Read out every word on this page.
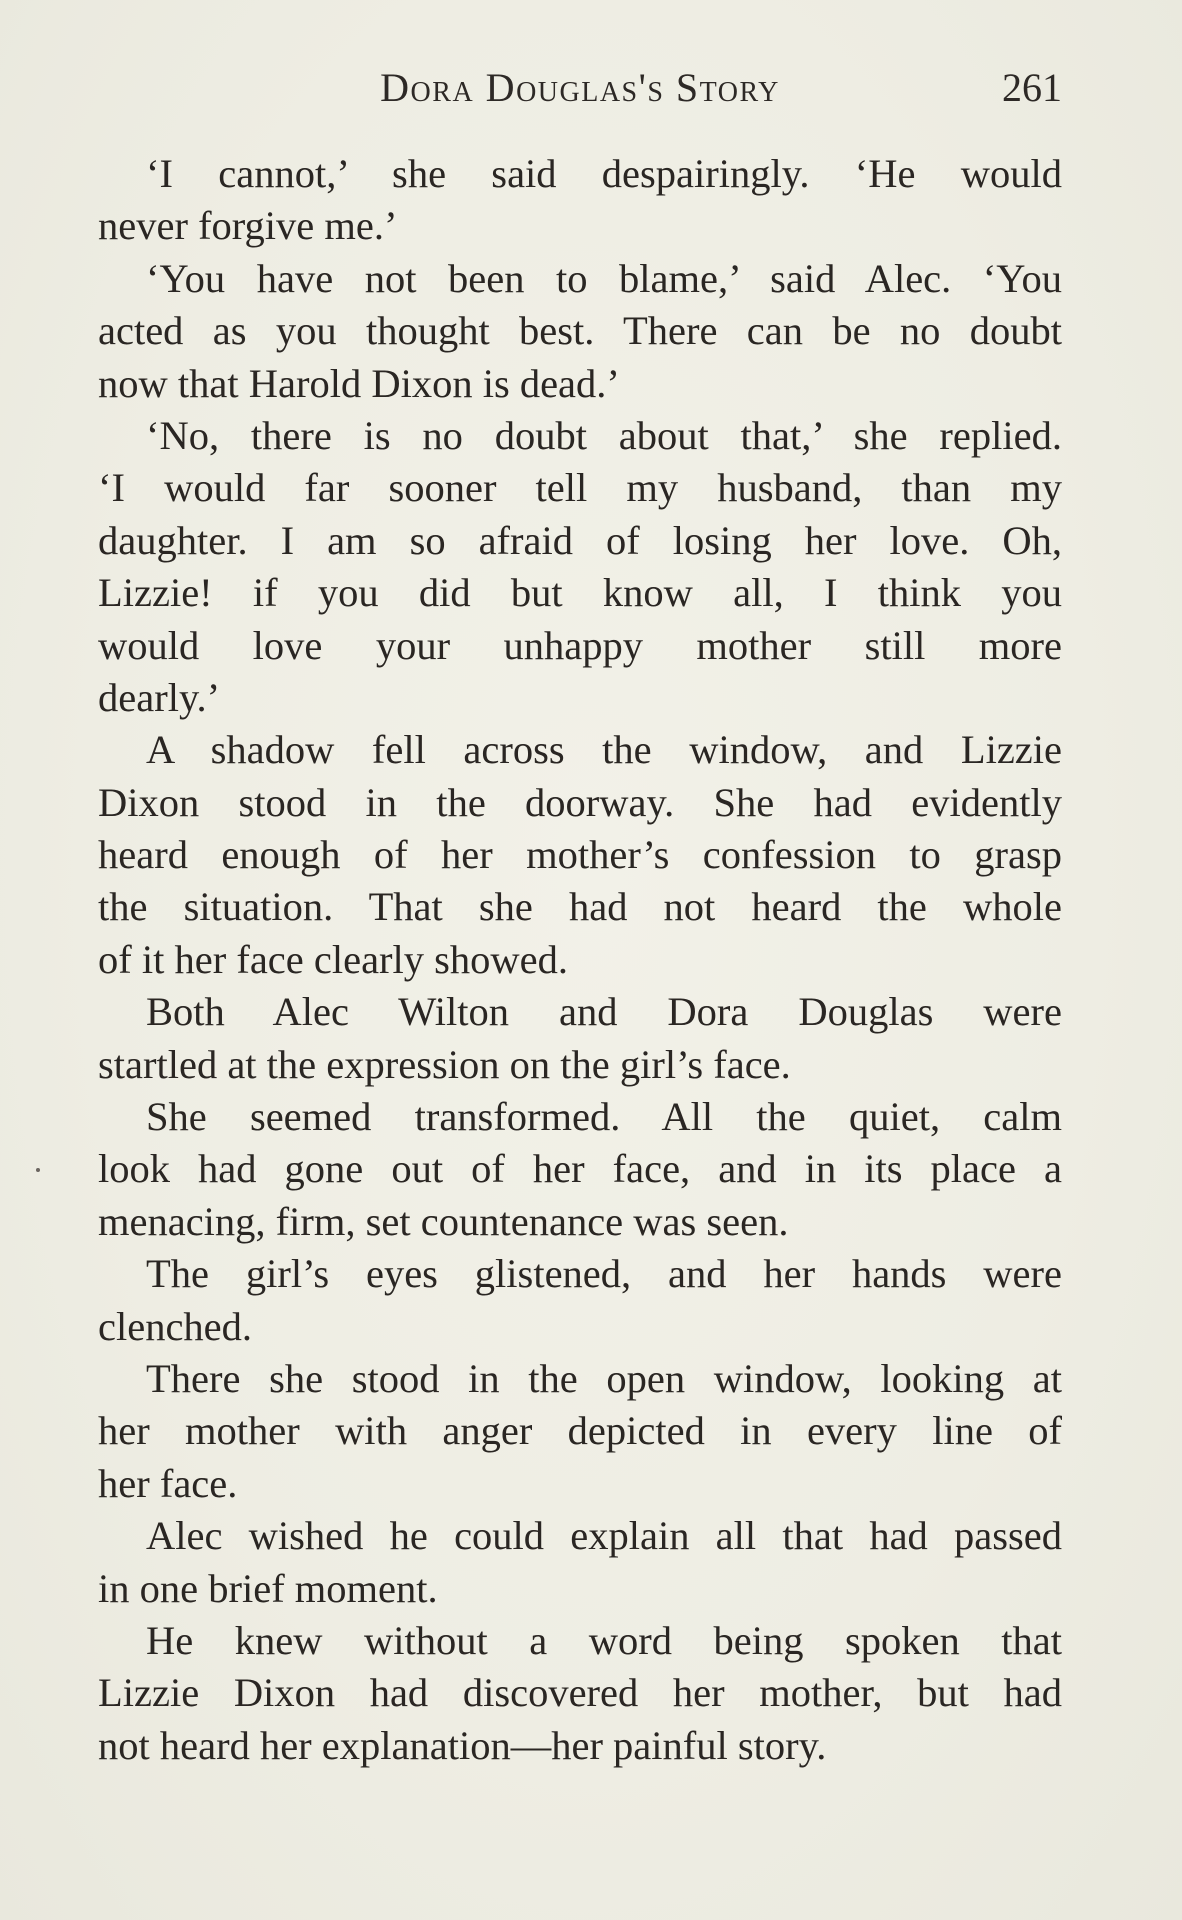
Dora Douglas's Story	261
‘I cannot,’ she said despairingly. ‘He would
never forgive me.’
‘You have not been to blame,’ said Alec. ‘You
acted as you thought best. There can be no doubt
now that Harold Dixon is dead.’
‘No, there is no doubt about that,’ she replied.
‘I would far sooner tell my husband, than my
daughter. I am so afraid of losing her love. Oh,
Lizzie! if you did but know all, I think you
would love your unhappy mother still more
dearly.’
A shadow fell across the window, and Lizzie
Dixon stood in the doorway. She had evidently
heard enough of her mother’s confession to grasp
the situation. That she had not heard the whole
of it her face clearly showed.
Both Alec Wilton and Dora Douglas were
startled at the expression on the girl’s face.
She seemed transformed. All the quiet, calm
look had gone out of her face, and in its place a
menacing, firm, set countenance was seen.
The girl’s eyes glistened, and her hands were
clenched.
There she stood in the open window, looking at
her mother with anger depicted in every line of
her face.
Alec wished he could explain all that had passed
in one brief moment.
He knew without a word being spoken that
Lizzie Dixon had discovered her mother, but had
not heard her explanation—her painful story.
